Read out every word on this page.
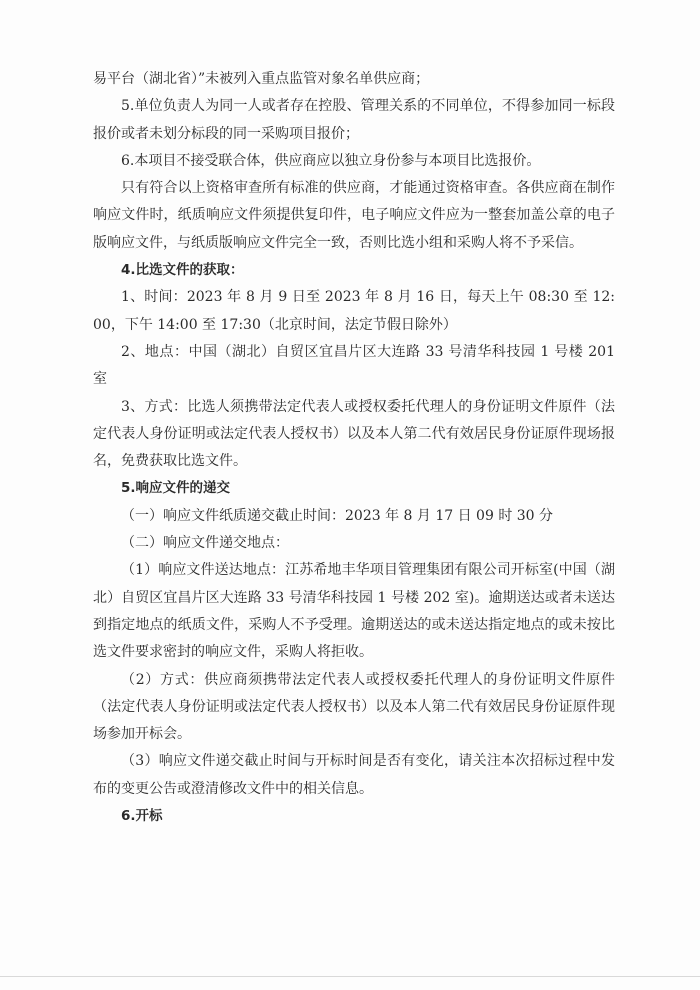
易平台（湖北省）”未被列入重点监管对象名单供应商；

5.单位负责人为同一人或者存在控股、管理关系的不同单位，不得参加同一标段报价或者未划分标段的同一采购项目报价；

6.本项目不接受联合体，供应商应以独立身份参与本项目比选报价。

只有符合以上资格审查所有标准的供应商，才能通过资格审查。各供应商在制作响应文件时，纸质响应文件须提供复印件，电子响应文件应为一整套加盖公章的电子版响应文件，与纸质版响应文件完全一致，否则比选小组和采购人将不予采信。

4.比选文件的获取：

1、时间：2023 年 8 月 9 日至 2023 年 8 月 16 日，每天上午 08:30 至 12:00，下午 14:00 至 17:30（北京时间，法定节假日除外）

2、地点：中国（湖北）自贸区宜昌片区大连路 33 号清华科技园 1 号楼 201 室

3、方式：比选人须携带法定代表人或授权委托代理人的身份证明文件原件（法定代表人身份证明或法定代表人授权书）以及本人第二代有效居民身份证原件现场报名，免费获取比选文件。

5.响应文件的递交

（一）响应文件纸质递交截止时间：2023 年 8 月 17 日 09 时 30 分

（二）响应文件递交地点：

（1）响应文件送达地点：江苏希地丰华项目管理集团有限公司开标室(中国（湖北）自贸区宜昌片区大连路 33 号清华科技园 1 号楼 202 室)。逾期送达或者未送达到指定地点的纸质文件，采购人不予受理。逾期送达的或未送达指定地点的或未按比选文件要求密封的响应文件，采购人将拒收。

（2）方式：供应商须携带法定代表人或授权委托代理人的身份证明文件原件（法定代表人身份证明或法定代表人授权书）以及本人第二代有效居民身份证原件现场参加开标会。

（3）响应文件递交截止时间与开标时间是否有变化，请关注本次招标过程中发布的变更公告或澄清修改文件中的相关信息。

6.开标
